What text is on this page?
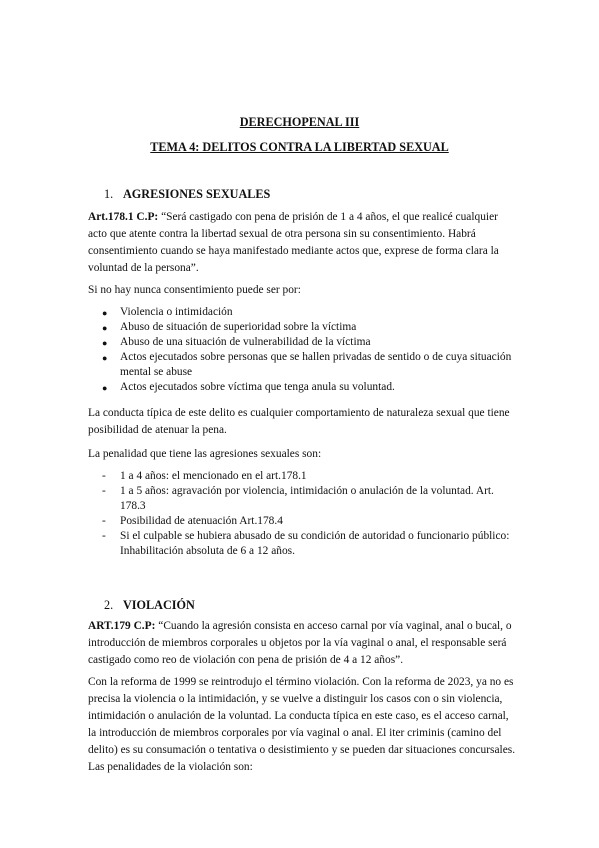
DERECHOPENAL III
TEMA 4: DELITOS CONTRA LA LIBERTAD SEXUAL
1. AGRESIONES SEXUALES
Art.178.1 C.P: “Será castigado con pena de prisión de 1 a 4 años, el que realicé cualquier acto que atente contra la libertad sexual de otra persona sin su consentimiento. Habrá consentimiento cuando se haya manifestado mediante actos que, exprese de forma clara la voluntad de la persona”.
Si no hay nunca consentimiento puede ser por:
● Violencia o intimidación
● Abuso de situación de superioridad sobre la víctima
● Abuso de una situación de vulnerabilidad de la víctima
● Actos ejecutados sobre personas que se hallen privadas de sentido o de cuya situación mental se abuse
● Actos ejecutados sobre víctima que tenga anula su voluntad.
La conducta típica de este delito es cualquier comportamiento de naturaleza sexual que tiene posibilidad de atenuar la pena.
La penalidad que tiene las agresiones sexuales son:
- 1 a 4 años: el mencionado en el art.178.1
- 1 a 5 años: agravación por violencia, intimidación o anulación de la voluntad. Art. 178.3
- Posibilidad de atenuación Art.178.4
- Si el culpable se hubiera abusado de su condición de autoridad o funcionario público: Inhabilitación absoluta de 6 a 12 años.
2. VIOLACIÓN
ART.179 C.P: “Cuando la agresión consista en acceso carnal por vía vaginal, anal o bucal, o introducción de miembros corporales u objetos por la vía vaginal o anal, el responsable será castigado como reo de violación con pena de prisión de 4 a 12 años”.
Con la reforma de 1999 se reintrodujo el término violación. Con la reforma de 2023, ya no es precisa la violencia o la intimidación, y se vuelve a distinguir los casos con o sin violencia, intimidación o anulación de la voluntad. La conducta típica en este caso, es el acceso carnal, la introducción de miembros corporales por vía vaginal o anal. El iter criminis (camino del delito) es su consumación o tentativa o desistimiento y se pueden dar situaciones concursales. Las penalidades de la violación son:
